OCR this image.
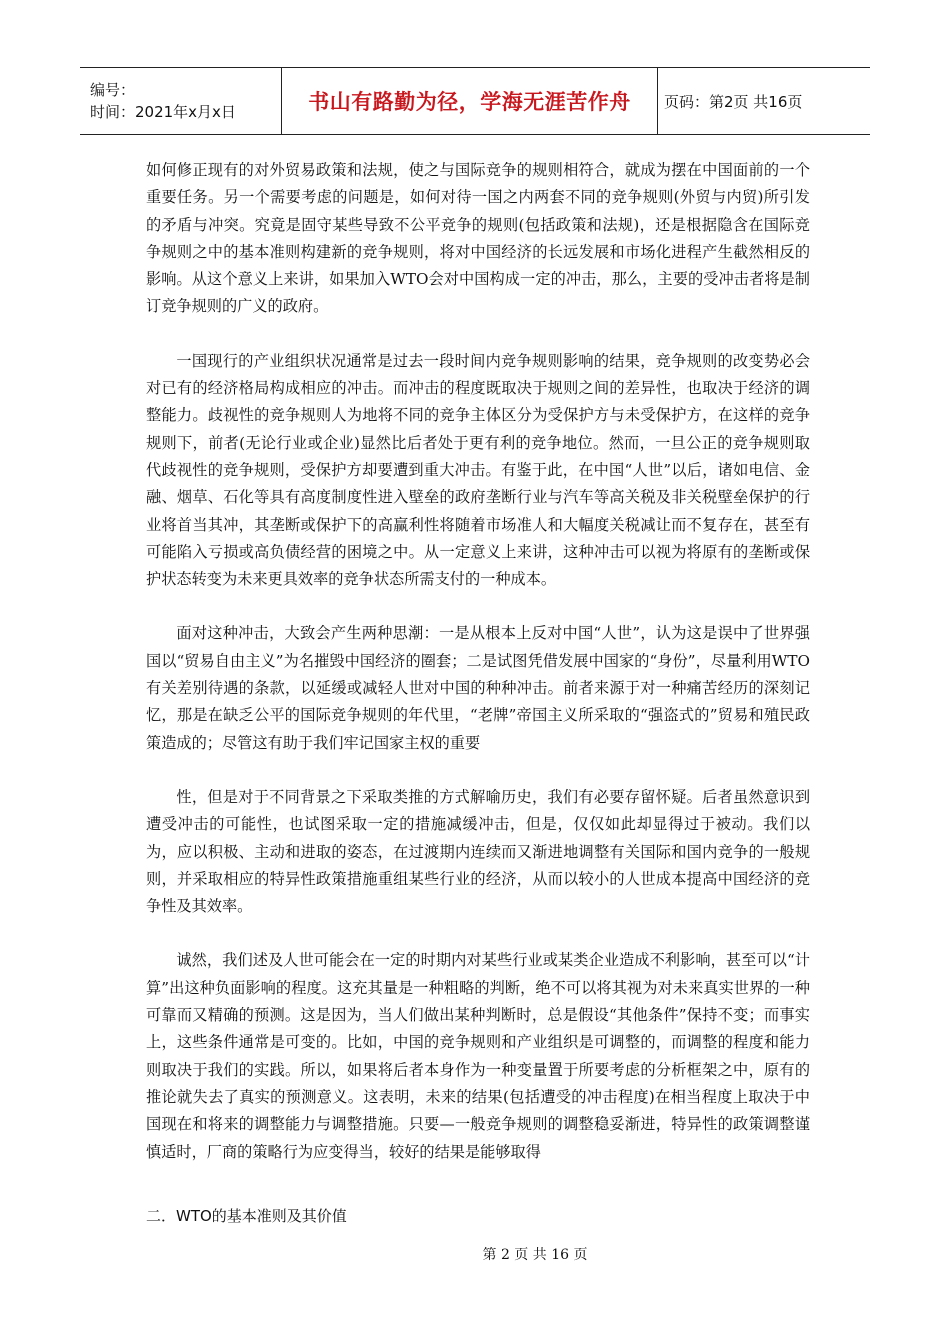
编号：
时间：2021年x月x日	书山有路勤为径，学海无涯苦作舟	页码：第2页 共16页

如何修正现有的对外贸易政策和法规，使之与国际竞争的规则相符合，就成为摆在中国面前的一个重要任务。另一个需要考虑的问题是，如何对待一国之内两套不同的竞争规则(外贸与内贸)所引发的矛盾与冲突。究竟是固守某些导致不公平竞争的规则(包括政策和法规)，还是根据隐含在国际竞争规则之中的基本准则构建新的竞争规则，将对中国经济的长远发展和市场化进程产生截然相反的影响。从这个意义上来讲，如果加入WTO会对中国构成一定的冲击，那么，主要的受冲击者将是制订竞争规则的广义的政府。

一国现行的产业组织状况通常是过去一段时间内竞争规则影响的结果，竞争规则的改变势必会对已有的经济格局构成相应的冲击。而冲击的程度既取决于规则之间的差异性，也取决于经济的调整能力。歧视性的竞争规则人为地将不同的竞争主体区分为受保护方与未受保护方，在这样的竞争规则下，前者(无论行业或企业)显然比后者处于更有利的竞争地位。然而，一旦公正的竞争规则取代歧视性的竞争规则，受保护方却要遭到重大冲击。有鉴于此，在中国“人世”以后，诸如电信、金融、烟草、石化等具有高度制度性进入壁垒的政府垄断行业与汽车等高关税及非关税壁垒保护的行业将首当其冲，其垄断或保护下的高赢利性将随着市场准人和大幅度关税减让而不复存在，甚至有可能陷入亏损或高负债经营的困境之中。从一定意义上来讲，这种冲击可以视为将原有的垄断或保护状态转变为未来更具效率的竞争状态所需支付的一种成本。

面对这种冲击，大致会产生两种思潮：一是从根本上反对中国“人世”，认为这是误中了世界强国以“贸易自由主义”为名摧毁中国经济的圈套；二是试图凭借发展中国家的“身份”，尽量利用WTO有关差别待遇的条款，以延缓或减轻人世对中国的种种冲击。前者来源于对一种痛苦经历的深刻记忆，那是在缺乏公平的国际竞争规则的年代里，“老牌”帝国主义所采取的“强盗式的”贸易和殖民政策造成的；尽管这有助于我们牢记国家主权的重要

性，但是对于不同背景之下采取类推的方式解喻历史，我们有必要存留怀疑。后者虽然意识到遭受冲击的可能性，也试图采取一定的措施减缓冲击，但是，仅仅如此却显得过于被动。我们以为，应以积极、主动和进取的姿态，在过渡期内连续而又渐进地调整有关国际和国内竞争的一般规则，并采取相应的特异性政策措施重组某些行业的经济，从而以较小的人世成本提高中国经济的竞争性及其效率。

诚然，我们述及人世可能会在一定的时期内对某些行业或某类企业造成不利影响，甚至可以“计算”出这种负面影响的程度。这充其量是一种粗略的判断，绝不可以将其视为对未来真实世界的一种可靠而又精确的预测。这是因为，当人们做出某种判断时，总是假设“其他条件”保持不变；而事实上，这些条件通常是可变的。比如，中国的竞争规则和产业组织是可调整的，而调整的程度和能力则取决于我们的实践。所以，如果将后者本身作为一种变量置于所要考虑的分析框架之中，原有的推论就失去了真实的预测意义。这表明，未来的结果(包括遭受的冲击程度)在相当程度上取决于中国现在和将来的调整能力与调整措施。只要—一般竞争规则的调整稳妥渐进，特异性的政策调整谨慎适时，厂商的策略行为应变得当，较好的结果是能够取得

二．WTO的基本准则及其价值
第 2 页 共 16 页
